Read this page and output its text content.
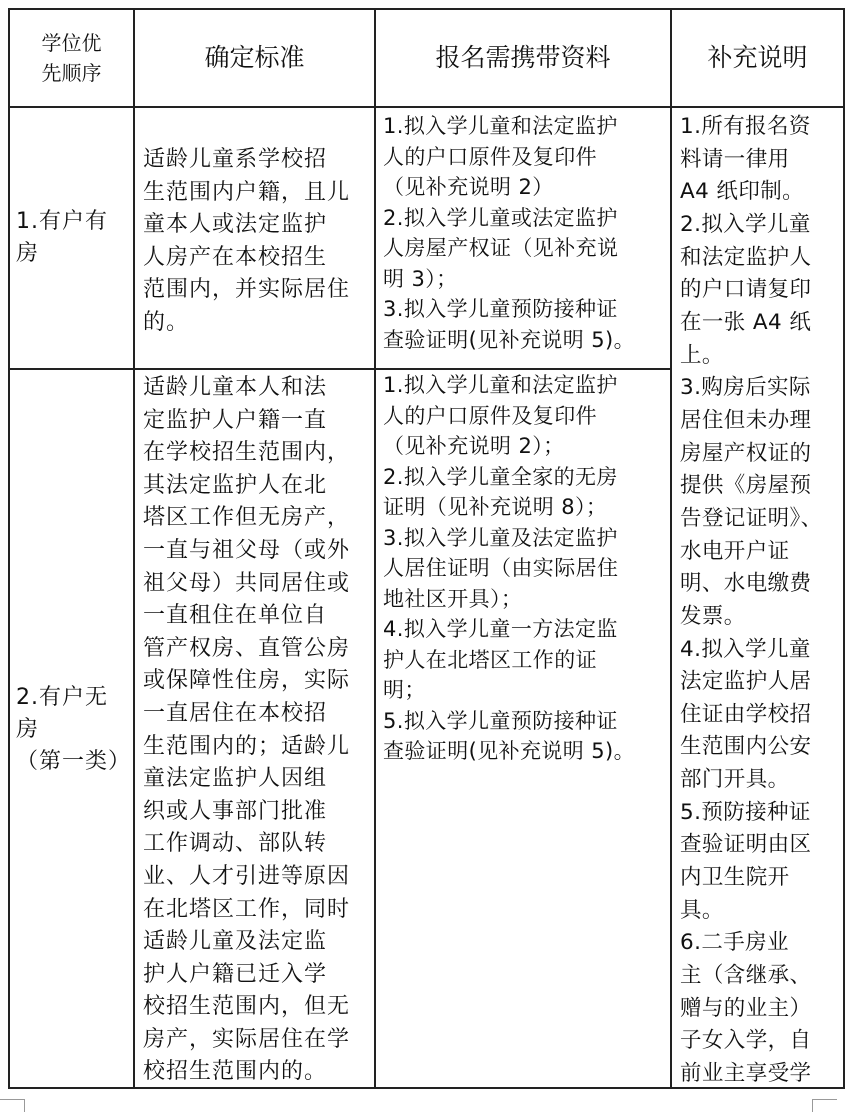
学位优
先顺序
确定标准	报名需携带资料	补充说明
1.有户有
房
适龄儿童系学校招
生范围内户籍，且儿
童本人或法定监护
人房产在本校招生
范围内，并实际居住
的。
1.拟入学儿童和法定监护
人的户口原件及复印件
（见补充说明 2）
2.拟入学儿童或法定监护
人房屋产权证（见补充说
明 3）；
3.拟入学儿童预防接种证
查验证明(见补充说明 5)。
2.有户无
房
（第一类）
适龄儿童本人和法
定监护人户籍一直
在学校招生范围内，
其法定监护人在北
塔区工作但无房产，
一直与祖父母（或外
祖父母）共同居住或
一直租住在单位自
管产权房、直管公房
或保障性住房，实际
一直居住在本校招
生范围内的；适龄儿
童法定监护人因组
织或人事部门批准
工作调动、部队转
业、人才引进等原因
在北塔区工作，同时
适龄儿童及法定监
护人户籍已迁入学
校招生范围内，但无
房产，实际居住在学
校招生范围内的。
1.拟入学儿童和法定监护
人的户口原件及复印件
（见补充说明 2）；
2.拟入学儿童全家的无房
证明（见补充说明 8）；
3.拟入学儿童及法定监护
人居住证明（由实际居住
地社区开具）；
4.拟入学儿童一方法定监
护人在北塔区工作的证
明；
5.拟入学儿童预防接种证
查验证明(见补充说明 5)。
1.所有报名资
料请一律用
A4 纸印制。
2.拟入学儿童
和法定监护人
的户口请复印
在一张 A4 纸
上。
3.购房后实际
居住但未办理
房屋产权证的
提供《房屋预
告登记证明》、
水电开户证
明、水电缴费
发票。
4.拟入学儿童
法定监护人居
住证由学校招
生范围内公安
部门开具。
5.预防接种证
查验证明由区
内卫生院开
具。
6.二手房业
主（含继承、
赠与的业主）
子女入学，自
前业主享受学
